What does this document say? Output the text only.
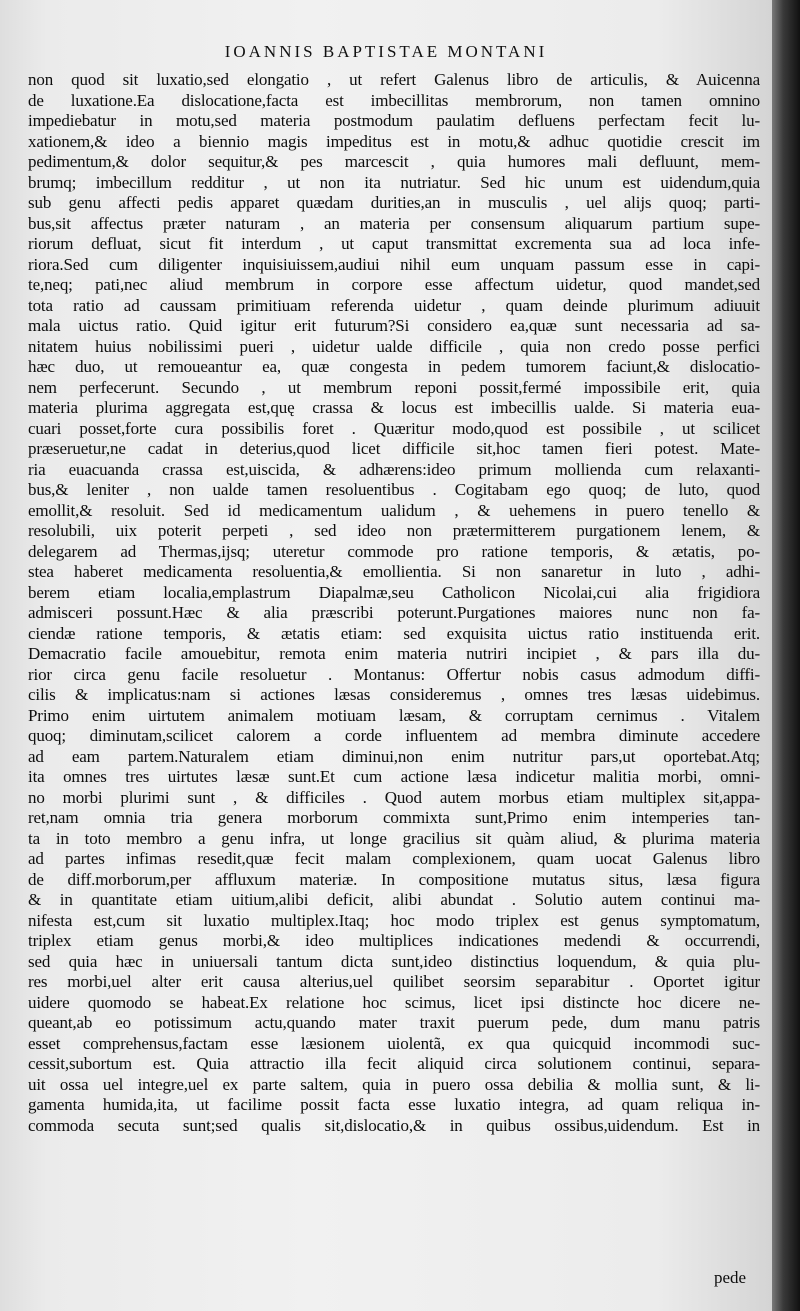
IOANNIS BAPTISTAE MONTANI
non quod sit luxatio,sed elongatio , ut refert Galenus libro de articulis, & Auicenna
de luxatione.Ea dislocatione,facta est imbecillitas membrorum, non tamen omnino
impediebatur in motu,sed materia postmodum paulatim defluens perfectam fecit lu-
xationem,& ideo a biennio magis impeditus est in motu,& adhuc quotidie crescit im
pedimentum,& dolor sequitur,& pes marcescit , quia humores mali defluunt, mem-
brumq; imbecillum redditur , ut non ita nutriatur. Sed hic unum est uidendum,quia
sub genu affecti pedis apparet quædam durities,an in musculis , uel alijs quoq; parti-
bus,sit affectus præter naturam , an materia per consensum aliquarum partium supe-
riorum defluat, sicut fit interdum , ut caput transmittat excrementa sua ad loca infe-
riora.Sed cum diligenter inquisiuissem,audiui nihil eum unquam passum esse in capi-
te,neq; pati,nec aliud membrum in corpore esse affectum uidetur, quod mandet,sed
tota ratio ad caussam primitiuam referenda uidetur , quam deinde plurimum adiuuit
mala uictus ratio. Quid igitur erit futurum?Si considero ea,quæ sunt necessaria ad sa-
nitatem huius nobilissimi pueri , uidetur ualde difficile , quia non credo posse perfici
hæc duo, ut remoueantur ea, quæ congesta in pedem tumorem faciunt,& dislocatio-
nem perfecerunt. Secundo , ut membrum reponi possit,fermé impossibile erit, quia
materia plurima aggregata est,quę crassa & locus est imbecillis ualde. Si materia eua-
cuari posset,forte cura possibilis foret . Quæritur modo,quod est possibile , ut scilicet
præseruetur,ne cadat in deterius,quod licet difficile sit,hoc tamen fieri potest. Mate-
ria euacuanda crassa est,uiscida, & adhærens:ideo primum mollienda cum relaxanti-
bus,& leniter , non ualde tamen resoluentibus . Cogitabam ego quoq; de luto, quod
emollit,& resoluit. Sed id medicamentum ualidum , & uehemens in puero tenello &
resolubili, uix poterit perpeti , sed ideo non prætermitterem purgationem lenem, &
delegarem ad Thermas,ijsq; uteretur commode pro ratione temporis, & ætatis, po-
stea haberet medicamenta resoluentia,& emollientia. Si non sanaretur in luto , adhi-
berem etiam localia,emplastrum Diapalmæ,seu Catholicon Nicolai,cui alia frigidiora
admisceri possunt.Hæc & alia præscribi poterunt.Purgationes maiores nunc non fa-
ciendæ ratione temporis, & ætatis etiam: sed exquisita uictus ratio instituenda erit.
Demacratio facile amouebitur, remota enim materia nutriri incipiet , & pars illa du-
rior circa genu facile resoluetur . Montanus: Offertur nobis casus admodum diffi-
cilis & implicatus:nam si actiones læsas consideremus , omnes tres læsas uidebimus.
Primo enim uirtutem animalem motiuam læsam, & corruptam cernimus . Vitalem
quoq; diminutam,scilicet calorem a corde influentem ad membra diminute accedere
ad eam partem.Naturalem etiam diminui,non enim nutritur pars,ut oportebat.Atq;
ita omnes tres uirtutes læsæ sunt.Et cum actione læsa indicetur malitia morbi, omni-
no morbi plurimi sunt , & difficiles . Quod autem morbus etiam multiplex sit,appa-
ret,nam omnia tria genera morborum commixta sunt,Primo enim intemperies tan-
ta in toto membro a genu infra, ut longe gracilius sit quàm aliud, & plurima materia
ad partes infimas resedit,quæ fecit malam complexionem, quam uocat Galenus libro
de diff.morborum,per affluxum materiæ. In compositione mutatus situs, læsa figura
& in quantitate etiam uitium,alibi deficit, alibi abundat . Solutio autem continui ma-
nifesta est,cum sit luxatio multiplex.Itaq; hoc modo triplex est genus symptomatum,
triplex etiam genus morbi,& ideo multiplices indicationes medendi & occurrendi,
sed quia hæc in uniuersali tantum dicta sunt,ideo distinctius loquendum, & quia plu-
res morbi,uel alter erit causa alterius,uel quilibet seorsim separabitur . Oportet igitur
uidere quomodo se habeat.Ex relatione hoc scimus, licet ipsi distincte hoc dicere ne-
queant,ab eo potissimum actu,quando mater traxit puerum pede, dum manu patris
esset comprehensus,factam esse læsionem uiolentã, ex qua quicquid incommodi suc-
cessit,subortum est. Quia attractio illa fecit aliquid circa solutionem continui, separa-
uit ossa uel integre,uel ex parte saltem, quia in puero ossa debilia & mollia sunt, & li-
gamenta humida,ita, ut facilime possit facta esse luxatio integra, ad quam reliqua in-
commoda secuta sunt;sed qualis sit,dislocatio,& in quibus ossibus,uidendum. Est in
pede
